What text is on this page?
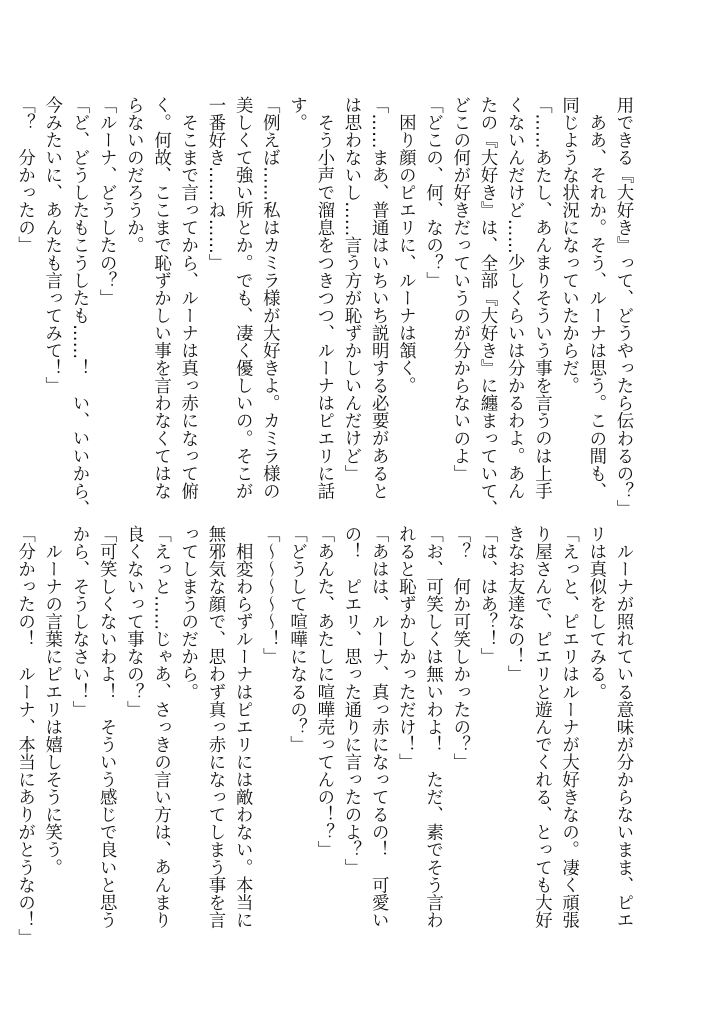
用できる『大好き』って、どうやったら伝わるの？」
　ああ、それか。そう、ルーナは思う。この間も、
同じような状況になっていたからだ。
「……あたし、あんまりそういう事を言うのは上手
くないんだけど……少しくらいは分かるわよ。あん
たの『大好き』は、全部『大好き』に纏まっていて、
どこの何が好きだっていうのが分からないのよ」
「どこの、何、なの？」
　困り顔のピエリに、ルーナは頷く。
「……まあ、普通はいちいち説明する必要があると
は思わないし……言う方が恥ずかしいんだけど」
　そう小声で溜息をつきつつ、ルーナはピエリに話
す。
「例えば……私はカミラ様が大好きよ。カミラ様の
美しくて強い所とか。でも、凄く優しいの。そこが
一番好き……ね……」
　そこまで言ってから、ルーナは真っ赤になって俯
く。何故、ここまで恥ずかしい事を言わなくてはな
らないのだろうか。
「ルーナ、どうしたの？」
「ど、どうしたもこうしたも……！　い、いいから、
今みたいに、あんたも言ってみて！」
「？　分かったの」
　ルーナが照れている意味が分からないまま、ピエ
リは真似をしてみる。
「えっと、ピエリはルーナが大好きなの。凄く頑張
り屋さんで、ピエリと遊んでくれる、とっても大好
きなお友達なの！」
「は、はあ？！」
「？　何か可笑しかったの？」
「お、可笑しくは無いわよ！　ただ、素でそう言わ
れると恥ずかしかっただけ！」
「あはは、ルーナ、真っ赤になってるの！　可愛い
の！　ピエリ、思った通りに言ったのよ？」
「あんた、あたしに喧嘩売ってんの！？」
「どうして喧嘩になるの？」
「～～～～～！」
　相変わらずルーナはピエリには敵わない。本当に
無邪気な顔で、思わず真っ赤になってしまう事を言
ってしまうのだから。
「えっと……じゃあ、さっきの言い方は、あんまり
良くないって事なの？」
「可笑しくないわよ！　そういう感じで良いと思う
から、そうしなさい！」
　ルーナの言葉にピエリは嬉しそうに笑う。
「分かったの！　ルーナ、本当にありがとうなの！」
